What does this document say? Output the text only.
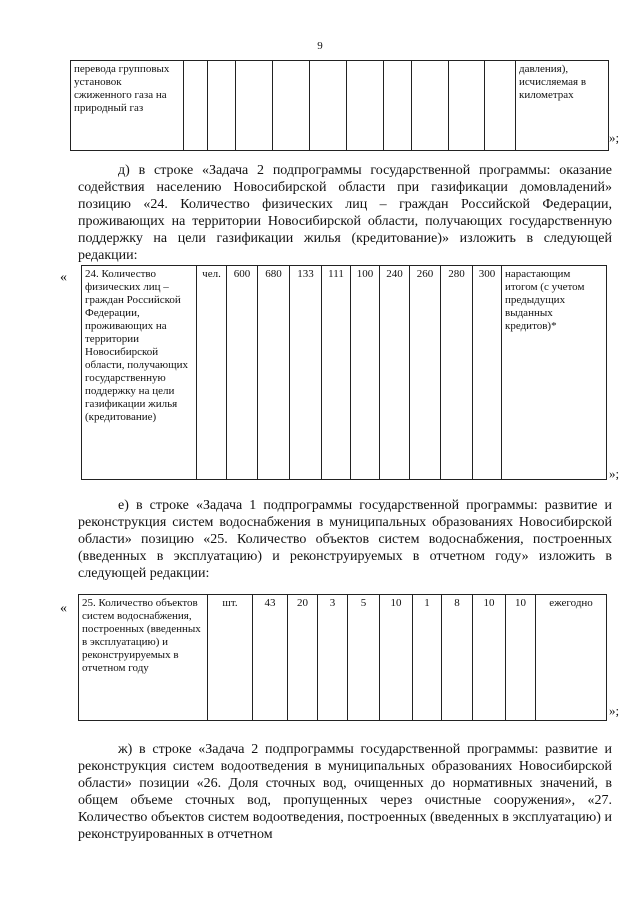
9
перевода групповых установок сжиженного газа на природный газ											давления), исчисляемая в километрах
»;

д) в строке «Задача 2 подпрограммы государственной программы: оказание содействия населению Новосибирской области при газификации домовладений» позицию «24. Количество физических лиц – граждан Российской Федерации, проживающих на территории Новосибирской области, получающих государственную поддержку на цели газификации жилья (кредитование)» изложить в следующей редакции:

« 24. Количество физических лиц – граждан Российской Федерации, проживающих на территории Новосибирской области, получающих государственную поддержку на цели газификации жилья (кредитование)	чел.	600	680	133	111	100	240	260	280	300	нарастающим итогом (с учетом предыдущих выданных кредитов)*
»;

е) в строке «Задача 1 подпрограммы государственной программы: развитие и реконструкция систем водоснабжения в муниципальных образованиях Новосибирской области» позицию «25. Количество объектов систем водоснабжения, построенных (введенных в эксплуатацию) и реконструируемых в отчетном году» изложить в следующей редакции:

« 25. Количество объектов систем водоснабжения, построенных (введенных в эксплуатацию) и реконструируемых в отчетном году	шт.	43	20	3	5	10	1	8	10	10	ежегодно
»;

ж) в строке «Задача 2 подпрограммы государственной программы: развитие и реконструкция систем водоотведения в муниципальных образованиях Новосибирской области» позиции «26. Доля сточных вод, очищенных до нормативных значений, в общем объеме сточных вод, пропущенных через очистные сооружения», «27. Количество объектов систем водоотведения, построенных (введенных в эксплуатацию) и реконструированных в отчетном
